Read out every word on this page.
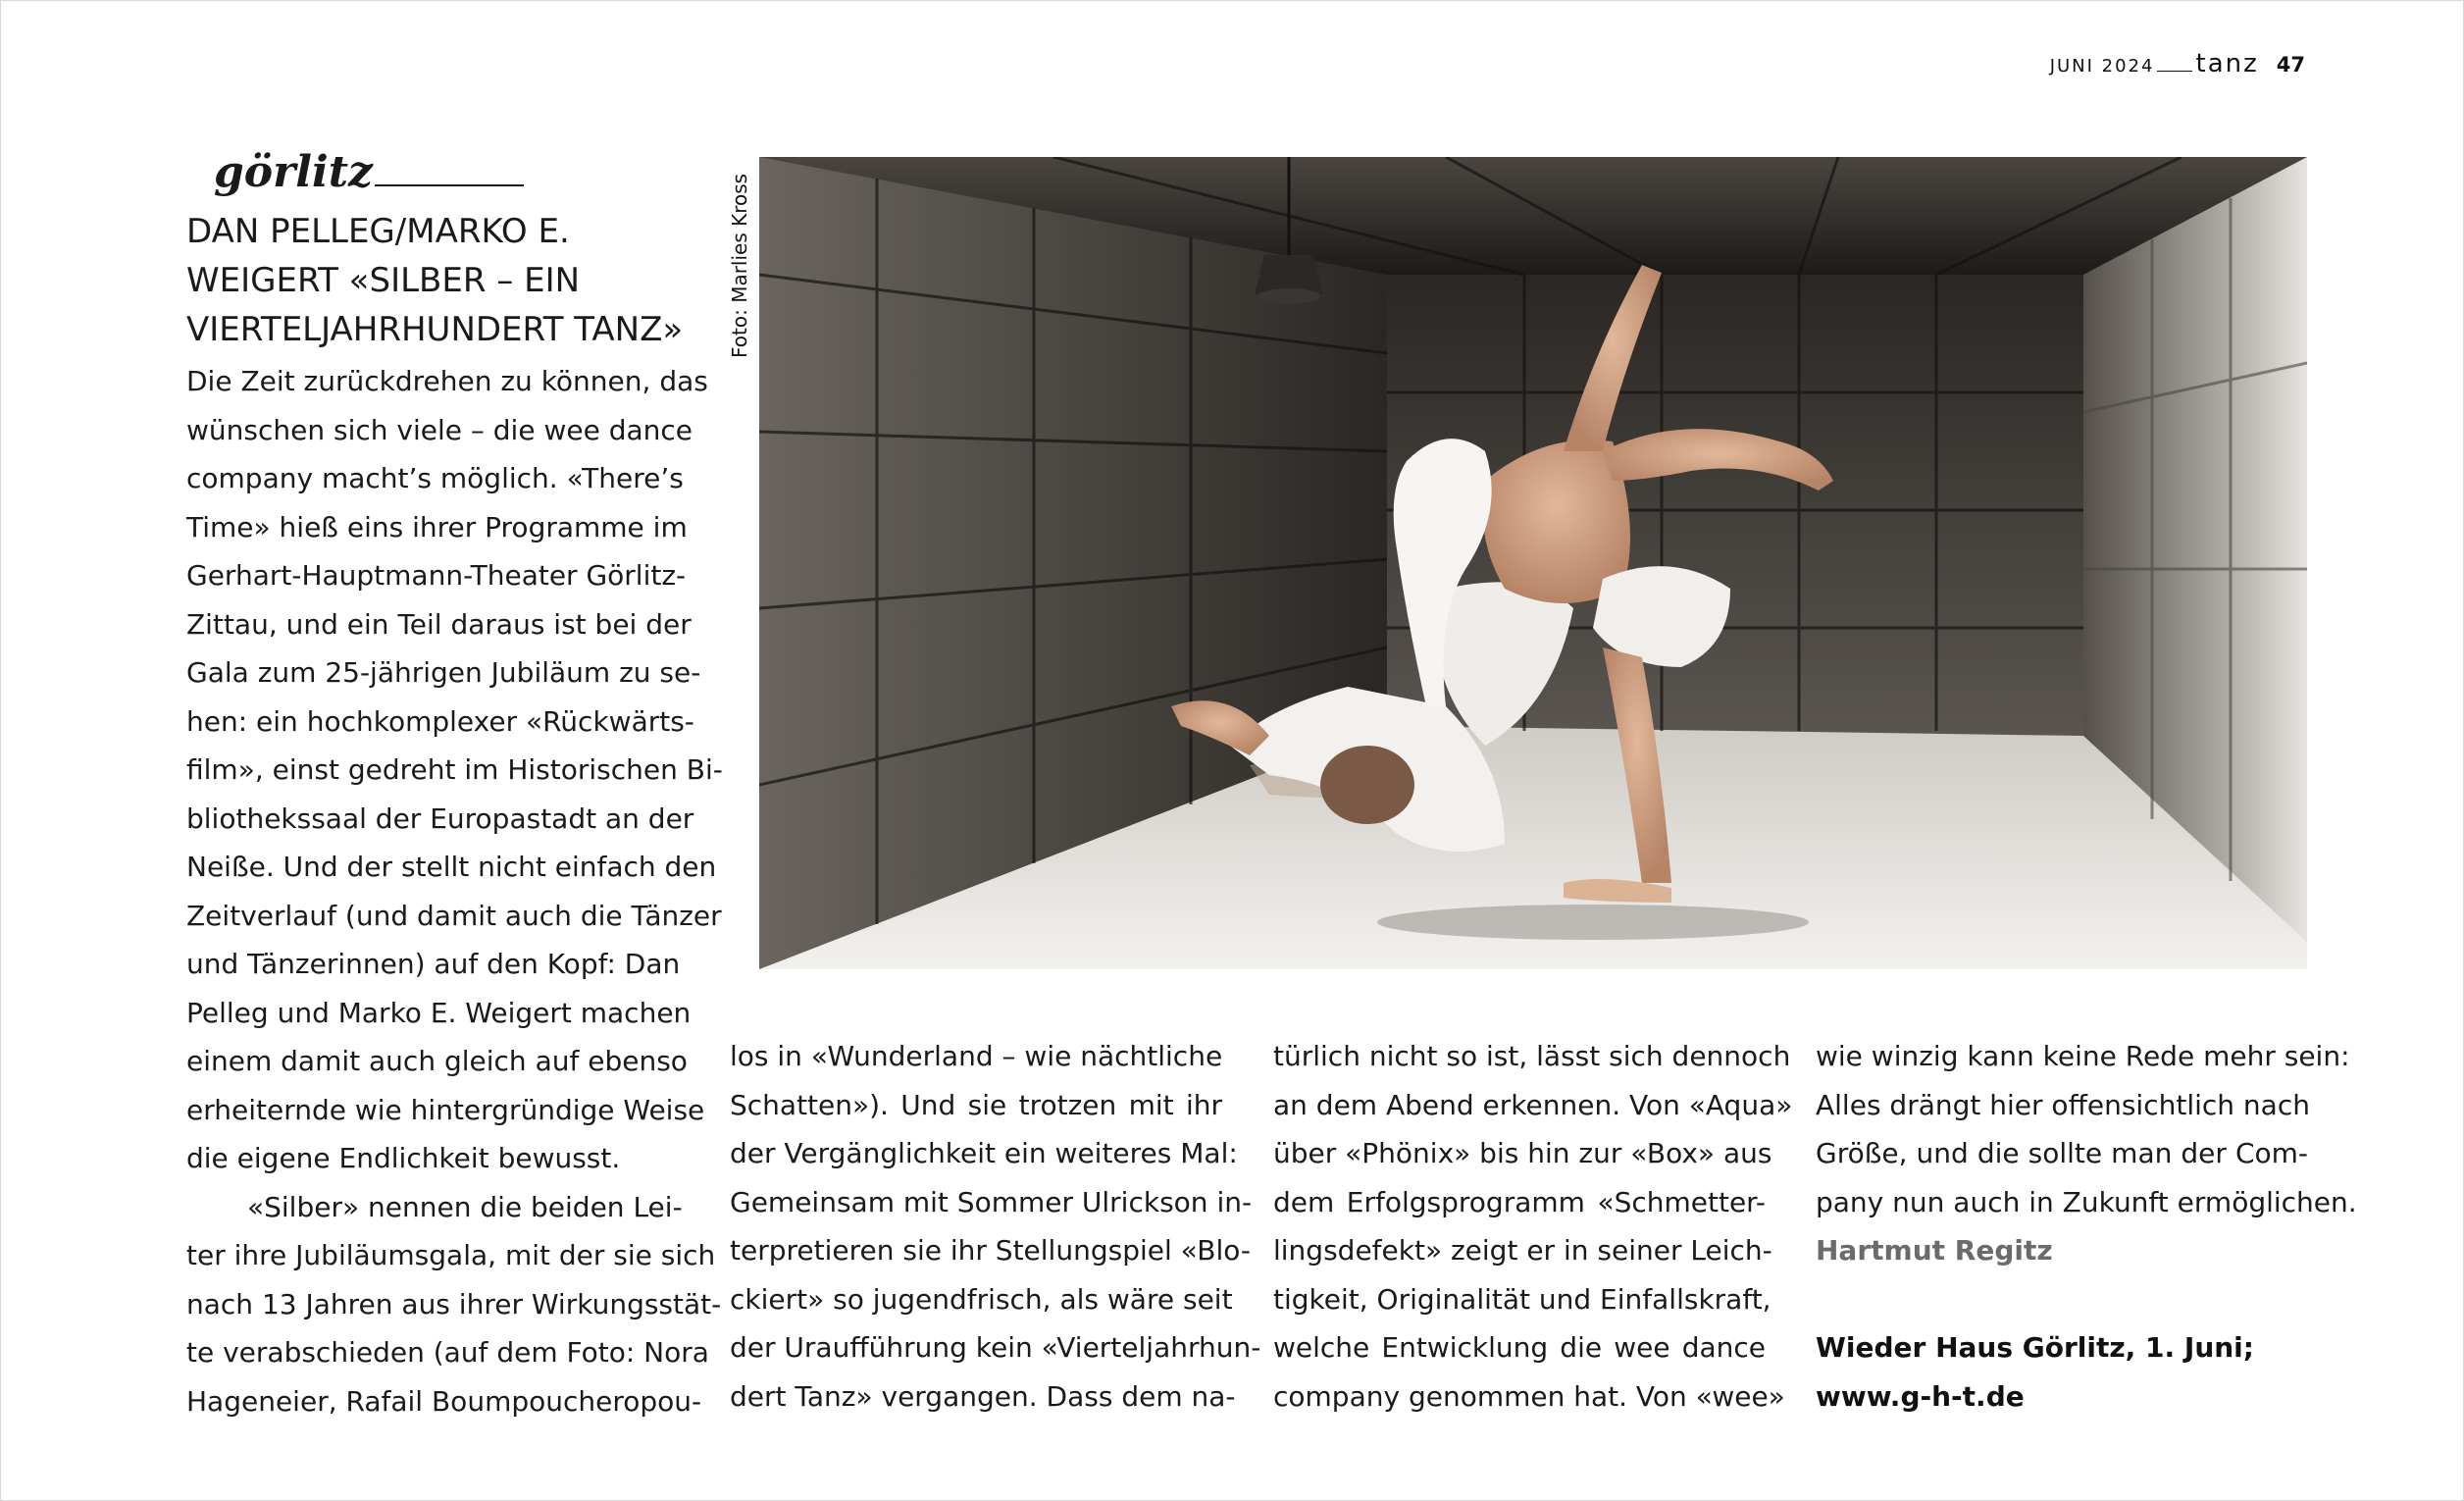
JUNI 2024 tanz 47
görlitz
DAN PELLEG/MARKO E.
WEIGERT «SILBER – EIN
VIERTELJAHRHUNDERT TANZ»
Die Zeit zurückdrehen zu können, das
wünschen sich viele – die wee dance
company macht’s möglich. «There’s
Time» hieß eins ihrer Programme im
Gerhart-Hauptmann-Theater Görlitz-
Zittau, und ein Teil daraus ist bei der
Gala zum 25-jährigen Jubiläum zu se-
hen: ein hochkomplexer «Rückwärts-
film», einst gedreht im Historischen Bi-
bliothekssaal der Europastadt an der
Neiße. Und der stellt nicht einfach den
Zeitverlauf (und damit auch die Tänzer
und Tänzerinnen) auf den Kopf: Dan
Pelleg und Marko E. Weigert machen
einem damit auch gleich auf ebenso
erheiternde wie hintergründige Weise
die eigene Endlichkeit bewusst.
«Silber» nennen die beiden Lei-
ter ihre Jubiläumsgala, mit der sie sich
nach 13 Jahren aus ihrer Wirkungsstät-
te verabschieden (auf dem Foto: Nora
Hageneier, Rafail Boumpoucheropou-
Foto: Marlies Kross
los in «Wunderland – wie nächtliche
Schatten»). Und sie trotzen mit ihr
der Vergänglichkeit ein weiteres Mal:
Gemeinsam mit Sommer Ulrickson in-
terpretieren sie ihr Stellungspiel «Blo-
ckiert» so jugendfrisch, als wäre seit
der Uraufführung kein «Vierteljahrhun-
dert Tanz» vergangen. Dass dem na-
türlich nicht so ist, lässt sich dennoch
an dem Abend erkennen. Von «Aqua»
über «Phönix» bis hin zur «Box» aus
dem Erfolgsprogramm «Schmetter-
lingsdefekt» zeigt er in seiner Leich-
tigkeit, Originalität und Einfallskraft,
welche Entwicklung die wee dance
company genommen hat. Von «wee»
wie winzig kann keine Rede mehr sein:
Alles drängt hier offensichtlich nach
Größe, und die sollte man der Com-
pany nun auch in Zukunft ermöglichen.
Hartmut Regitz
Wieder Haus Görlitz, 1. Juni;
www.g-h-t.de
